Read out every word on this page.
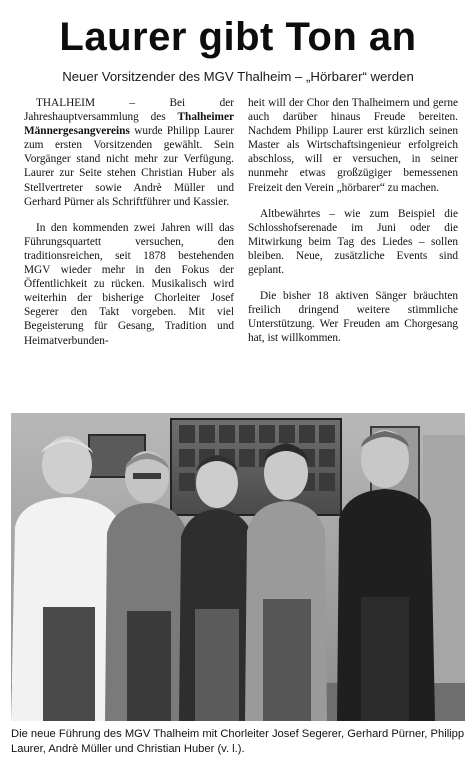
Laurer gibt Ton an
Neuer Vorsitzender des MGV Thalheim – „Hörbarer“ werden

THALHEIM – Bei der Jahreshauptversammlung des Thalheimer Männergesangvereins wurde Philipp Laurer zum ersten Vorsitzenden gewählt. Sein Vorgänger stand nicht mehr zur Verfügung. Laurer zur Seite stehen Christian Huber als Stellvertreter sowie Andrè Müller und Gerhard Pürner als Schriftführer und Kassier.

In den kommenden zwei Jahren will das Führungsquartett versuchen, den traditionsreichen, seit 1878 bestehenden MGV wieder mehr in den Fokus der Öffentlichkeit zu rücken. Musikalisch wird weiterhin der bisherige Chorleiter Josef Segerer den Takt vorgeben. Mit viel Begeisterung für Gesang, Tradition und Heimatverbunden-

heit will der Chor den Thalheimern und gerne auch darüber hinaus Freude bereiten. Nachdem Philipp Laurer erst kürzlich seinen Master als Wirtschaftsingenieur erfolgreich abschloss, will er versuchen, in seiner nunmehr etwas großzügiger bemessenen Freizeit den Verein „hörbarer“ zu machen.

Altbewährtes – wie zum Beispiel die Schlosshofserenade im Juni oder die Mitwirkung beim Tag des Liedes – sollen bleiben. Neue, zusätzliche Events sind geplant.

Die bisher 18 aktiven Sänger bräuchten freilich dringend weitere stimmliche Unterstützung. Wer Freuden am Chorgesang hat, ist willkommen.

Die neue Führung des MGV Thalheim mit Chorleiter Josef Segerer, Gerhard Pürner, Philipp Laurer, Andrè Müller und Christian Huber (v. l.).
